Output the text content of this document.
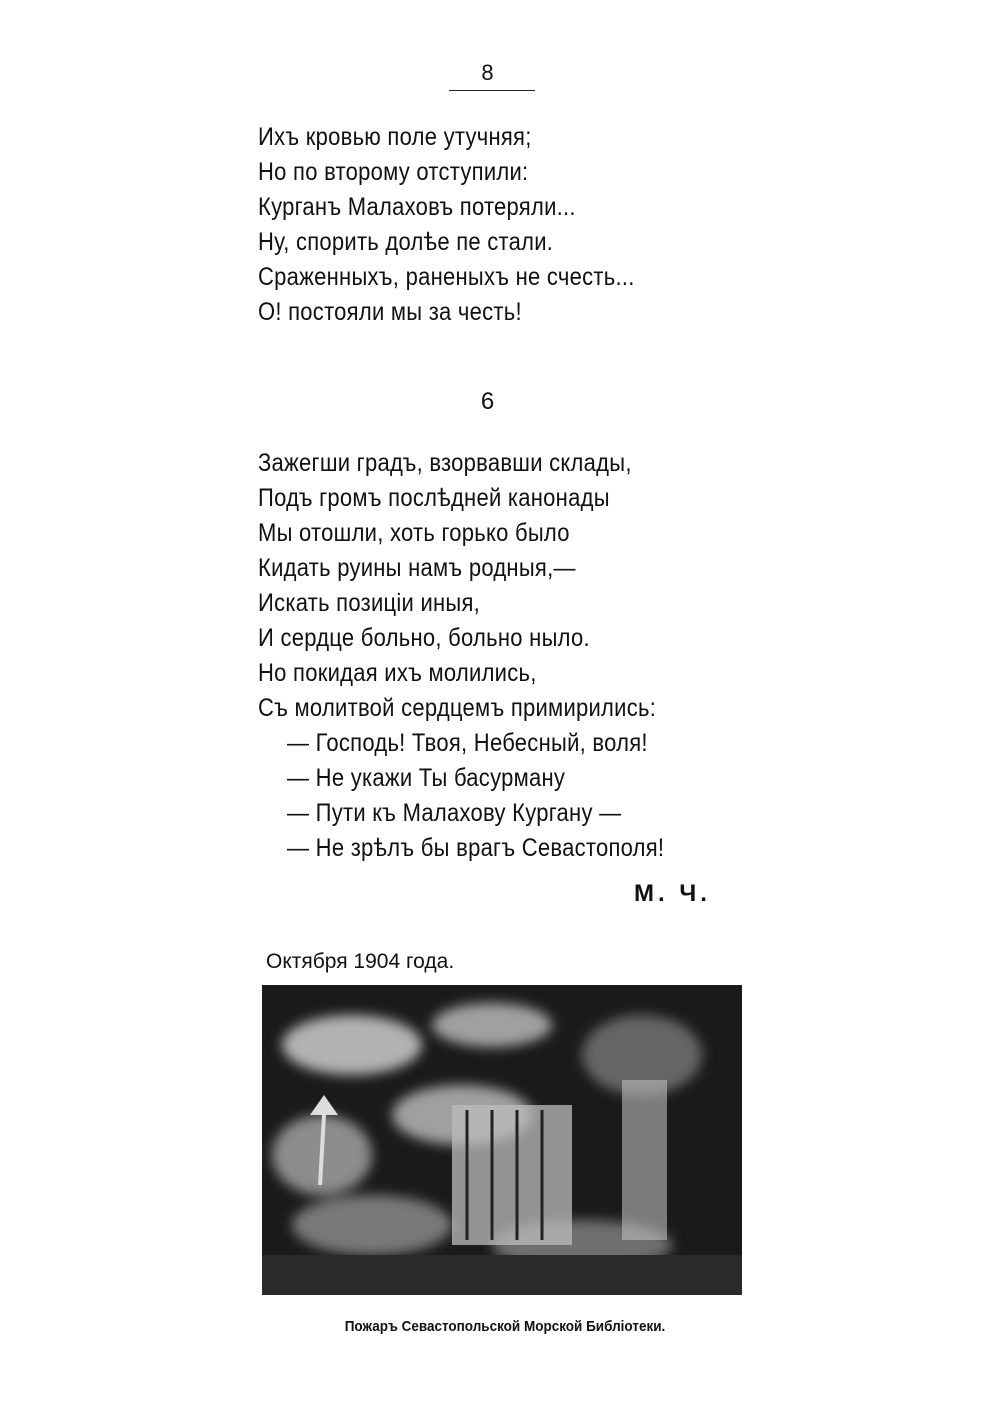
8
Ихъ кровью поле утучняя;
Но по второму отступили:
Курганъ Малаховъ потеряли...
Ну, спорить долѣе пе стали.
Сраженныхъ, раненыхъ не счесть...
О! постояли мы за честь!
6
Зажегши градъ, взорвавши склады,
Подъ громъ послѣдней канонады
Мы отошли, хоть горько было
Кидать руины намъ родныя,—
Искать позиціи иныя,
И сердце больно, больно ныло.
Но покидая ихъ молились,
Съ молитвой сердцемъ примирились:
— Господь! Твоя, Небесный, воля!
— Не укажи Ты басурману
— Пути къ Малахову Кургану —
— Не зрѣлъ бы врагъ Севастополя!
М. Ч.
Октября 1904 года.
Пожаръ Севастопольской Морской Библіотеки.
